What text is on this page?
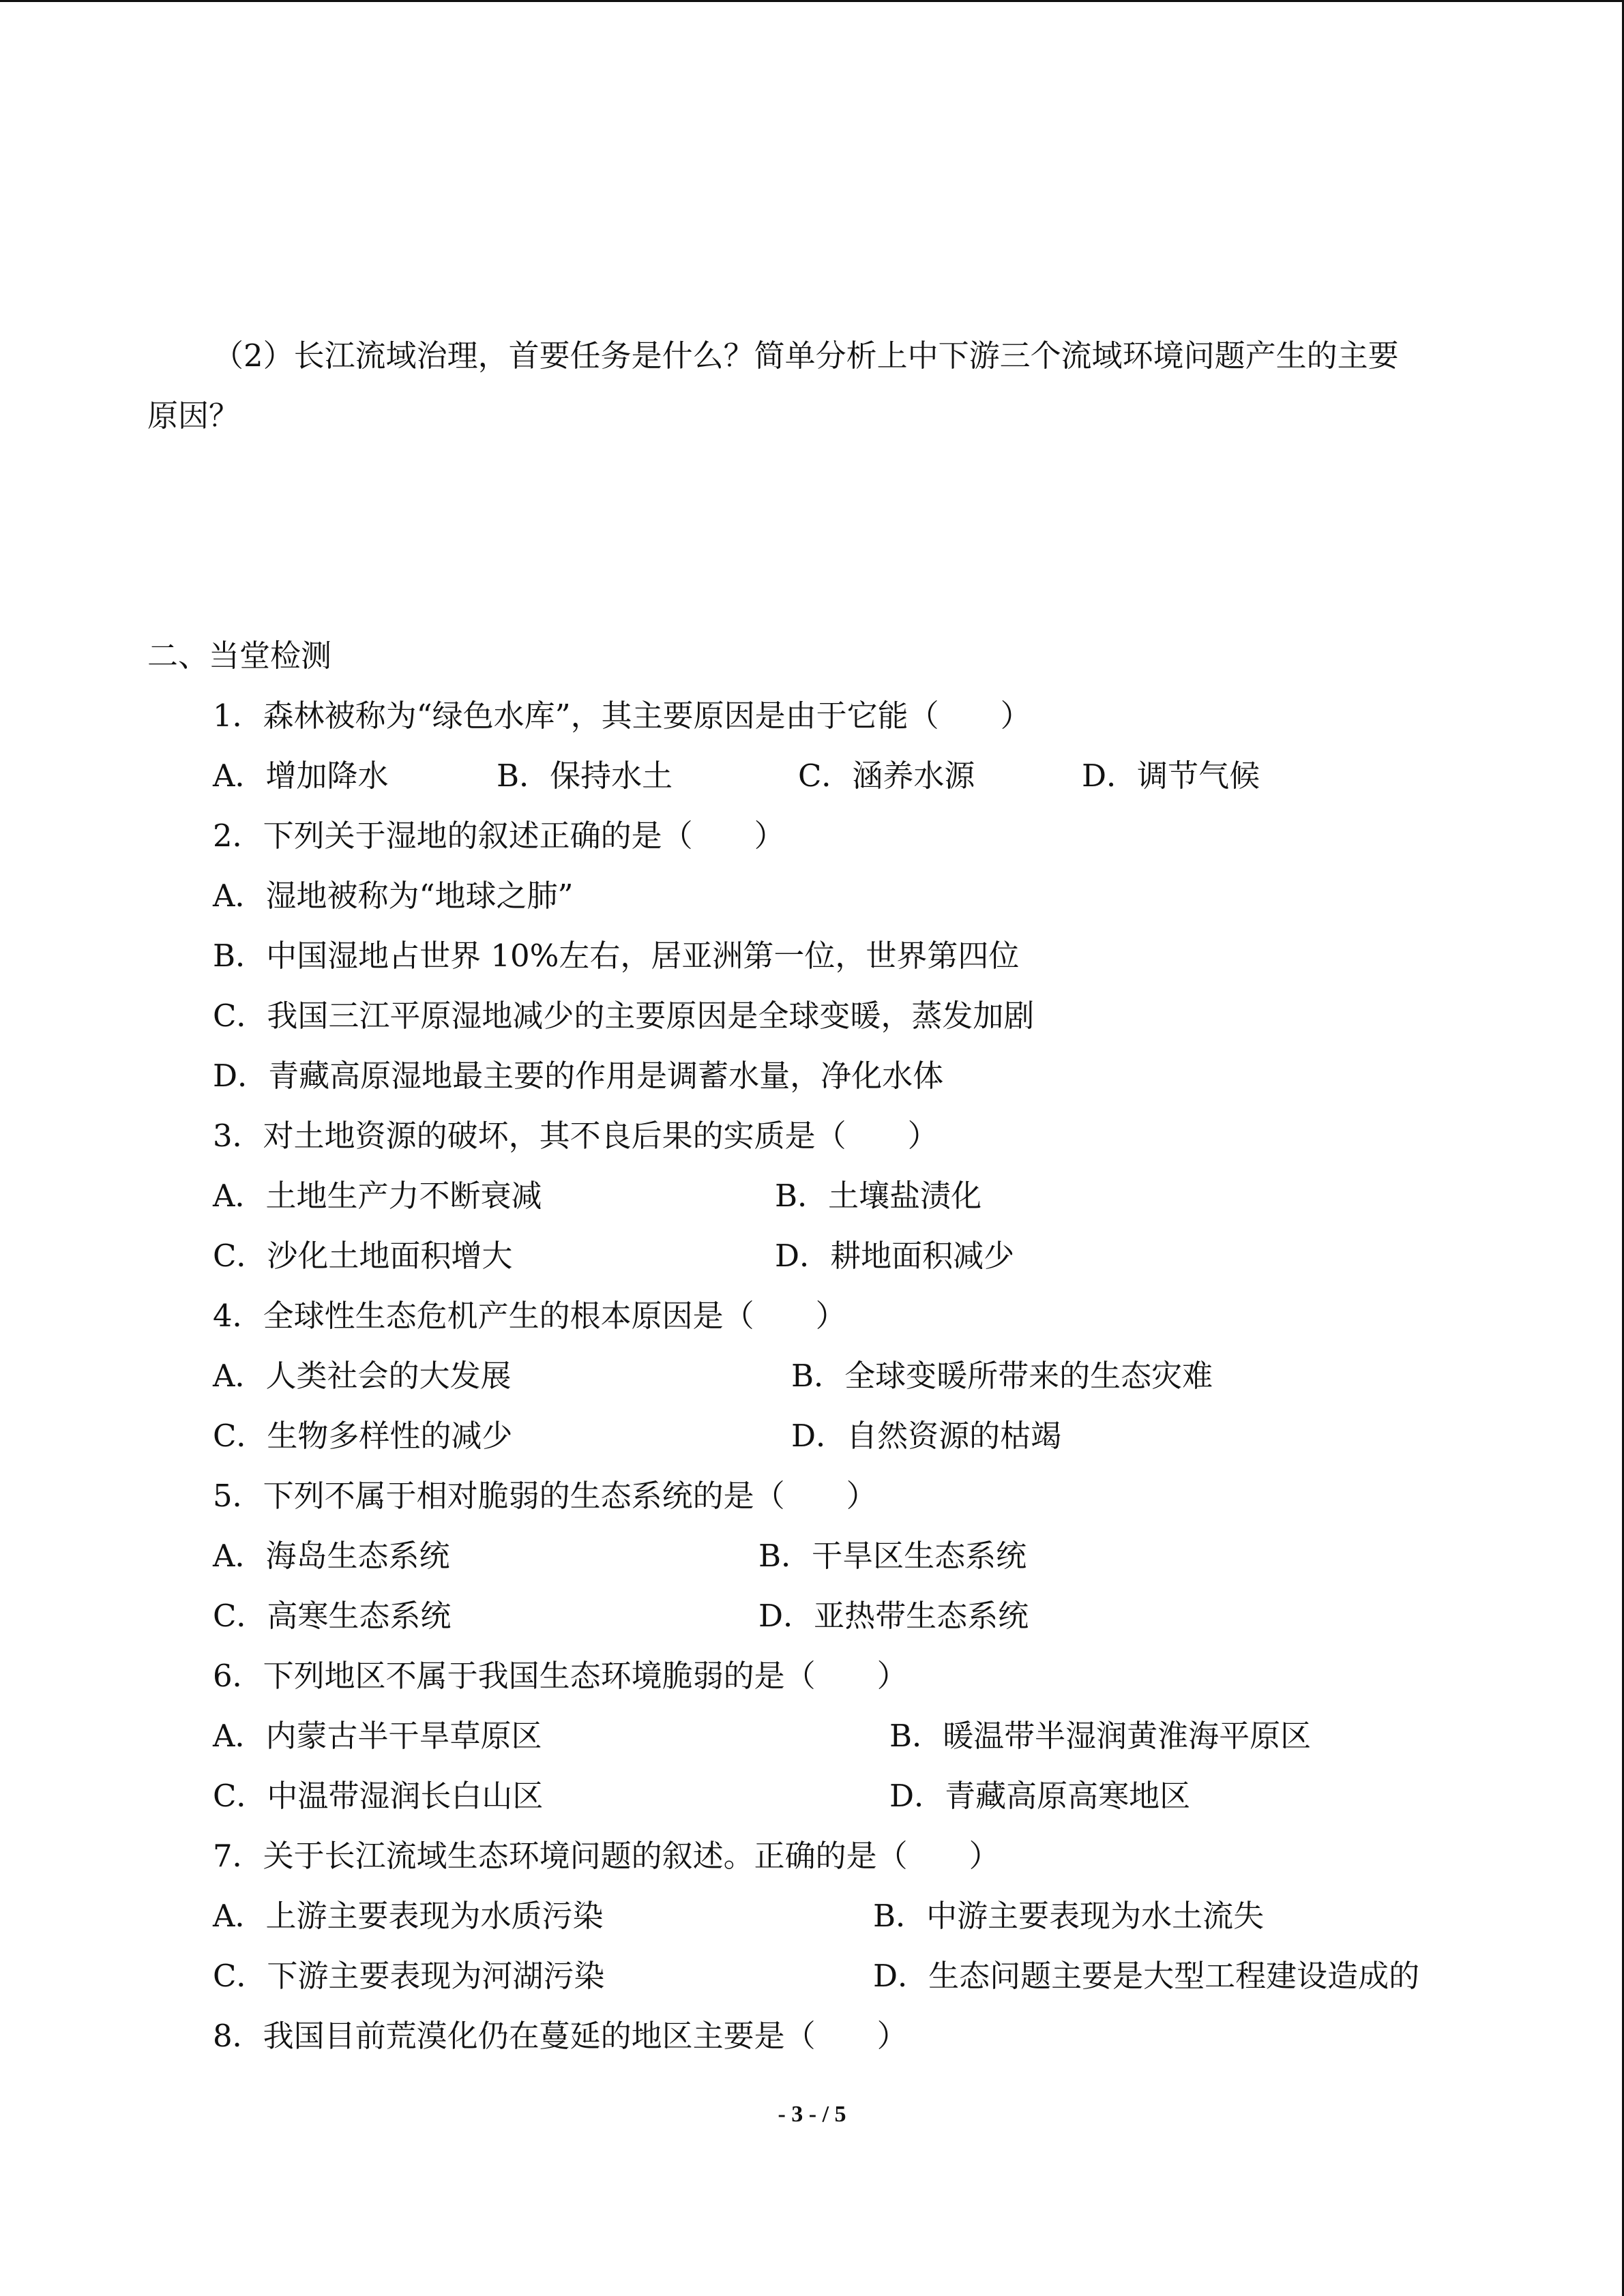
（2）长江流域治理，首要任务是什么？简单分析上中下游三个流域环境问题产生的主要
原因？
二、当堂检测
1．森林被称为“绿色水库”，其主要原因是由于它能（　　）
A．增加降水	B．保持水土	C．涵养水源	D．调节气候
2．下列关于湿地的叙述正确的是（　　）
A．湿地被称为“地球之肺”
B．中国湿地占世界 10%左右，居亚洲第一位，世界第四位
C．我国三江平原湿地减少的主要原因是全球变暖，蒸发加剧
D．青藏高原湿地最主要的作用是调蓄水量，净化水体
3．对土地资源的破坏，其不良后果的实质是（　　）
A．土地生产力不断衰减	B．土壤盐渍化
C．沙化土地面积增大	D．耕地面积减少
4．全球性生态危机产生的根本原因是（　　）
A．人类社会的大发展	B．全球变暖所带来的生态灾难
C．生物多样性的减少	D．自然资源的枯竭
5．下列不属于相对脆弱的生态系统的是（　　）
A．海岛生态系统	B．干旱区生态系统
C．高寒生态系统	D．亚热带生态系统
6．下列地区不属于我国生态环境脆弱的是（　　）
A．内蒙古半干旱草原区	B．暖温带半湿润黄淮海平原区
C．中温带湿润长白山区	D．青藏高原高寒地区
7．关于长江流域生态环境问题的叙述。正确的是（　　）
A．上游主要表现为水质污染	B．中游主要表现为水土流失
C．下游主要表现为河湖污染	D．生态问题主要是大型工程建设造成的
8．我国目前荒漠化仍在蔓延的地区主要是（　　）
- 3 - / 5
